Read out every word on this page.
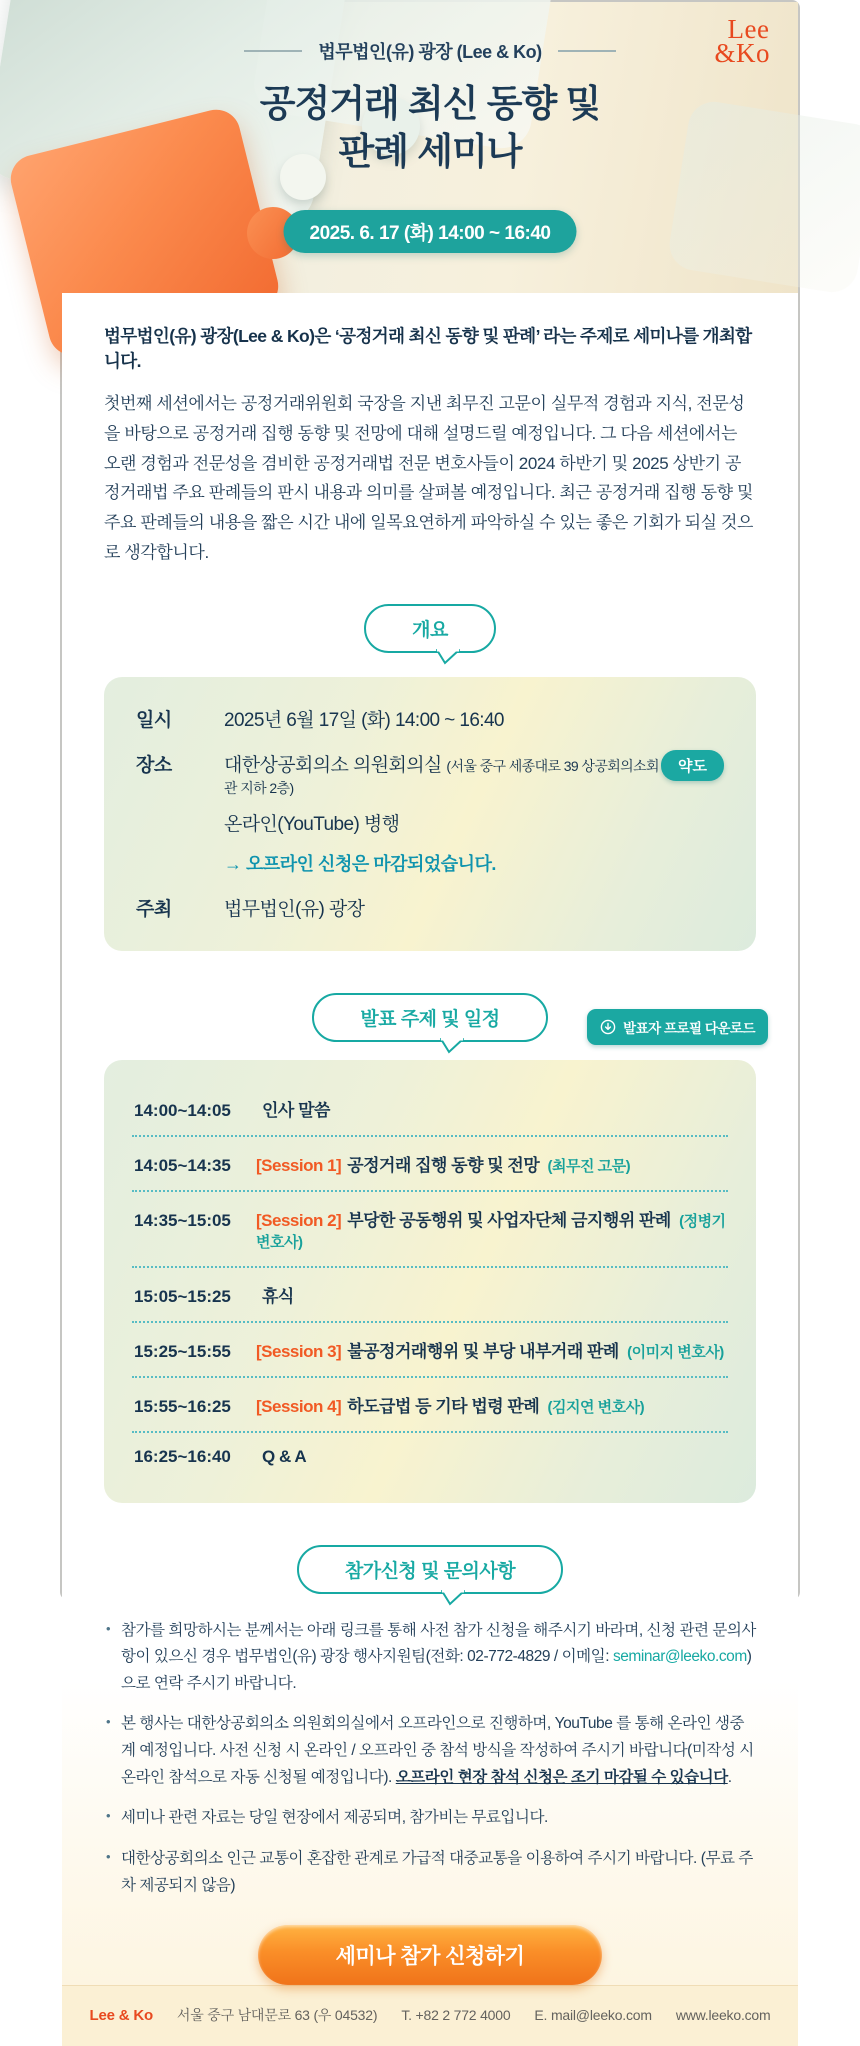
Lee
&Ko
법무법인(유) 광장 (Lee & Ko)
공정거래 최신 동향 및
판례 세미나
2025. 6. 17 (화) 14:00 ~ 16:40

법무법인(유) 광장(Lee & Ko)은 ‘공정거래 최신 동향 및 판례’ 라는 주제로 세미나를 개최합니다.

첫번째 세션에서는 공정거래위원회 국장을 지낸 최무진 고문이 실무적 경험과 지식, 전문성을 바탕으로 공정거래 집행 동향 및 전망에 대해 설명드릴 예정입니다. 그 다음 세션에서는 오랜 경험과 전문성을 겸비한 공정거래법 전문 변호사들이 2024 하반기 및 2025 상반기 공정거래법 주요 판례들의 판시 내용과 의미를 살펴볼 예정입니다. 최근 공정거래 집행 동향 및 주요 판례들의 내용을 짧은 시간 내에 일목요연하게 파악하실 수 있는 좋은 기회가 되실 것으로 생각합니다.

개요
일시	2025년 6월 17일 (화) 14:00 ~ 16:40
장소	대한상공회의소 의원회의실 (서울 중구 세종대로 39 상공회의소회관 지하 2층)
약도
온라인(YouTube) 병행
→ 오프라인 신청은 마감되었습니다.
주최	법무법인(유) 광장
발표 주제 및 일정	발표자 프로필 다운로드
14:00~14:05	인사 말씀
14:05~14:35	[Session 1] 공정거래 집행 동향 및 전망 (최무진 고문)
14:35~15:05	[Session 2] 부당한 공동행위 및 사업자단체 금지행위 판례 (정병기 변호사)
15:05~15:25	휴식
15:25~15:55	[Session 3] 불공정거래행위 및 부당 내부거래 판례 (이미지 변호사)
15:55~16:25	[Session 4] 하도급법 등 기타 법령 판례 (김지연 변호사)
16:25~16:40	Q & A
참가신청 및 문의사항
• 참가를 희망하시는 분께서는 아래 링크를 통해 사전 참가 신청을 해주시기 바라며, 신청 관련 문의사항이 있으신 경우 법무법인(유) 광장 행사지원팀(전화: 02-772-4829 / 이메일: seminar@leeko.com)으로 연락 주시기 바랍니다.
• 본 행사는 대한상공회의소 의원회의실에서 오프라인으로 진행하며, YouTube 를 통해 온라인 생중계 예정입니다. 사전 신청 시 온라인 / 오프라인 중 참석 방식을 작성하여 주시기 바랍니다(미작성 시 온라인 참석으로 자동 신청될 예정입니다). 오프라인 현장 참석 신청은 조기 마감될 수 있습니다.
• 세미나 관련 자료는 당일 현장에서 제공되며, 참가비는 무료입니다.
• 대한상공회의소 인근 교통이 혼잡한 관계로 가급적 대중교통을 이용하여 주시기 바랍니다. (무료 주차 제공되지 않음)
세미나 참가 신청하기
Lee & Ko 서울 중구 남대문로 63 (우 04532) T. +82 2 772 4000 E. mail@leeko.com www.leeko.com
